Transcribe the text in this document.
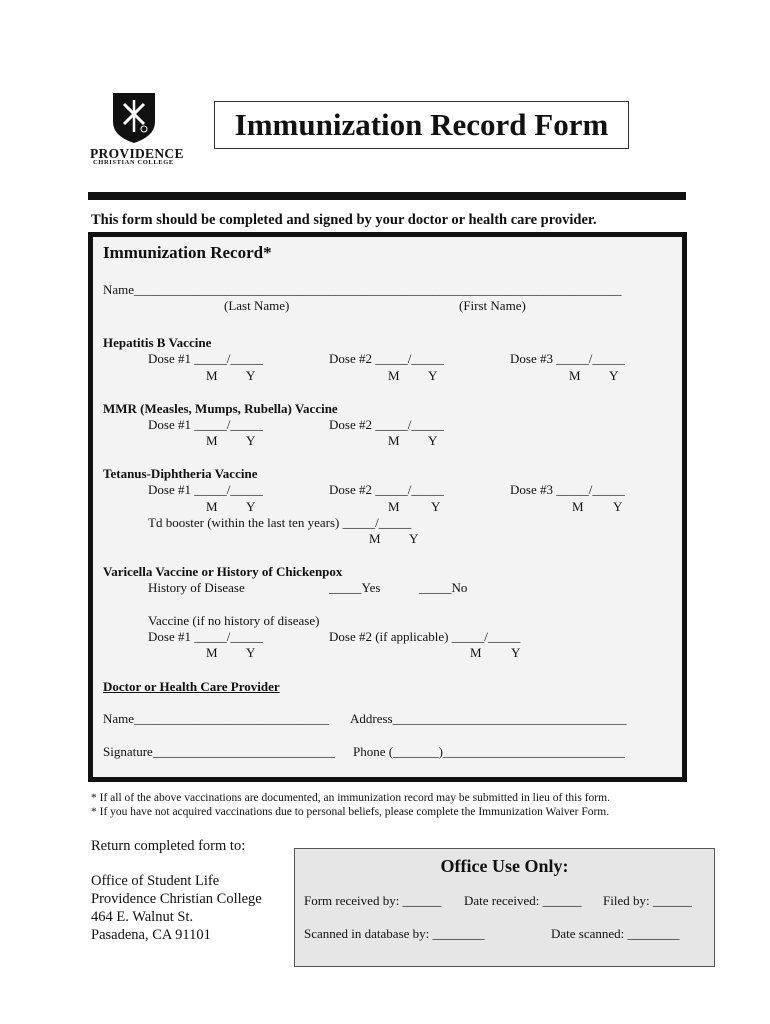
PROVIDENCE
CHRISTIAN COLLEGE
Immunization Record Form
This form should be completed and signed by your doctor or health care provider.
Immunization Record*
Name___________________________________________________________________________
(Last Name)	(First Name)
Hepatitis B Vaccine
Dose #1 _____/_____	Dose #2 _____/_____	Dose #3 _____/_____
M Y	M Y	M Y
MMR (Measles, Mumps, Rubella) Vaccine
Dose #1 _____/_____	Dose #2 _____/_____
M Y	M Y
Tetanus-Diphtheria Vaccine
Dose #1 _____/_____	Dose #2 _____/_____	Dose #3 _____/_____
M Y	M Y	M Y
Td booster (within the last ten years) _____/_____
M Y
Varicella Vaccine or History of Chickenpox
History of Disease	_____Yes	_____No
Vaccine (if no history of disease)
Dose #1 _____/_____	Dose #2 (if applicable) _____/_____
M Y	M Y
Doctor or Health Care Provider
Name______________________________ Address____________________________________
Signature____________________________ Phone (_______)____________________________
* If all of the above vaccinations are documented, an immunization record may be submitted in lieu of this form.
* If you have not acquired vaccinations due to personal beliefs, please complete the Immunization Waiver Form.
Return completed form to:
Office of Student Life
Providence Christian College
464 E. Walnut St.
Pasadena, CA 91101
Office Use Only:
Form received by: ______ Date received: ______ Filed by: ______
Scanned in database by: ________	Date scanned: ________
